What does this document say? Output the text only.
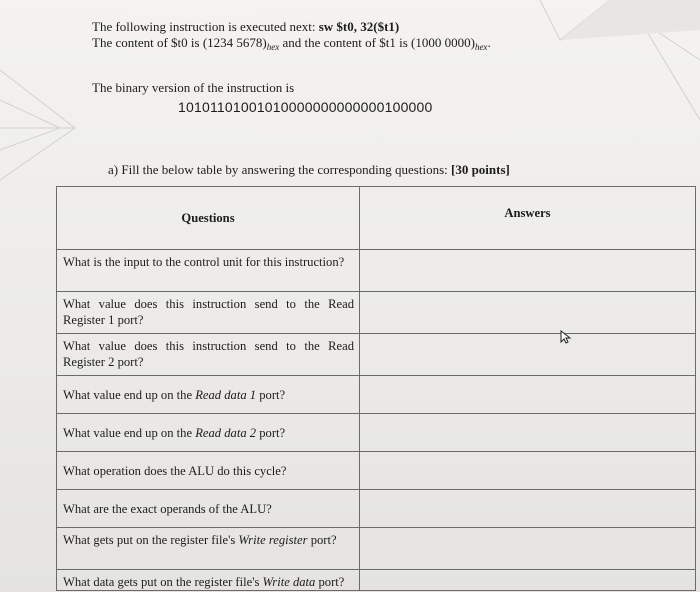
The following instruction is executed next: sw $t0, 32($t1)
The content of $t0 is (1234 $5678)_{hex}$ and the content of $t1 is (1000 $0000)_{hex}$.
The binary version of the instruction is
10101101001010000000000000100000
a) Fill the below table by answering the corresponding questions: [30 points]
Questions	Answers
What is the input to the control unit for this instruction?	
What value does this instruction send to the Read Register 1 port?	
What value does this instruction send to the Read Register 2 port?	
What value end up on the Read data 1 port?	
What value end up on the Read data 2 port?	
What operation does the ALU do this cycle?	
What are the exact operands of the ALU?	
What gets put on the register file's Write register port?	
What data gets put on the register file's Write data port?	
